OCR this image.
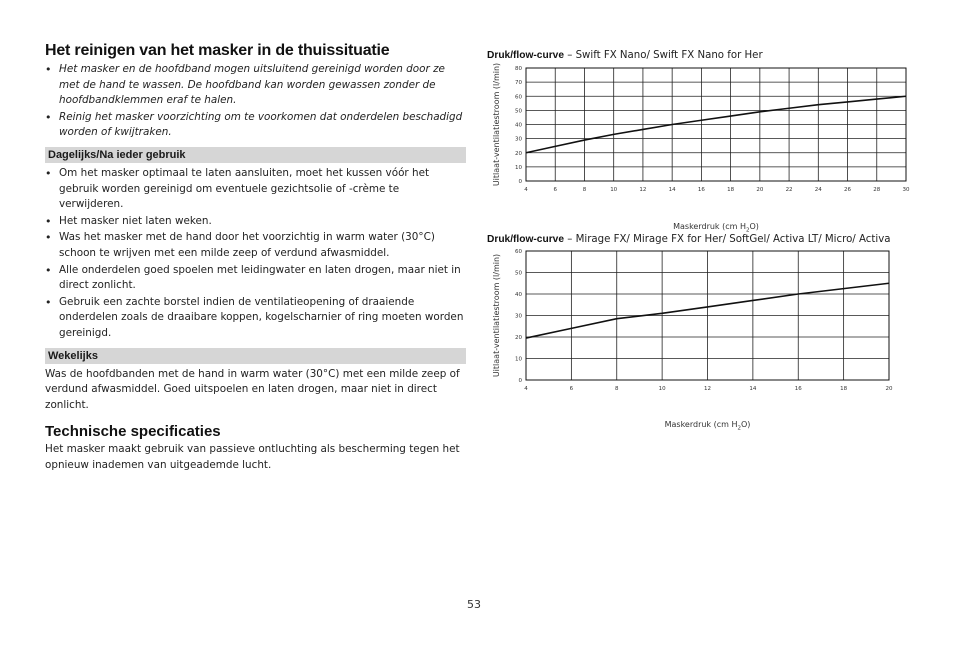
Het reinigen van het masker in de thuissituatie
• Het masker en de hoofdband mogen uitsluitend gereinigd worden door ze met de hand te wassen. De hoofdband kan worden gewassen zonder de hoofdbandklemmen eraf te halen.
• Reinig het masker voorzichting om te voorkomen dat onderdelen beschadigd worden of kwijtraken.
Dagelijks/Na ieder gebruik
• Om het masker optimaal te laten aansluiten, moet het kussen vóór het gebruik worden gereinigd om eventuele gezichtsolie of -crème te verwijderen.
• Het masker niet laten weken.
• Was het masker met de hand door het voorzichtig in warm water (30°C) schoon te wrijven met een milde zeep of verdund afwasmiddel.
• Alle onderdelen goed spoelen met leidingwater en laten drogen, maar niet in direct zonlicht.
• Gebruik een zachte borstel indien de ventilatieopening of draaiende onderdelen zoals de draaibare koppen, kogelscharnier of ring moeten worden gereinigd.
Wekelijks

Was de hoofdbanden met de hand in warm water (30°C) met een milde zeep of verdund afwasmiddel. Goed uitspoelen en laten drogen, maar niet in direct zonlicht.

Technische specificaties

Het masker maakt gebruik van passieve ontluchting als bescherming tegen het opnieuw inademen van uitgeademde lucht.

Druk/flow-curve – Swift FX Nano/ Swift FX Nano for Her
4	6	8	10	12	14	16	18	20	22	24	26	28	30
0
10
20
30
40
50
60
70
80
Uitlaat-ventilatiestroom (l/min)
Maskerdruk (cm $H_2O$)
Druk/flow-curve – Mirage FX/ Mirage FX for Her/ SoftGel/ Activa LT/ Micro/ Activa
4	6	8	10	12	14	16	18	20
0
10
20
30
40
50
60
Uitlaat-ventilatiestroom (l/min)
Maskerdruk (cm $H_2O$)
53
